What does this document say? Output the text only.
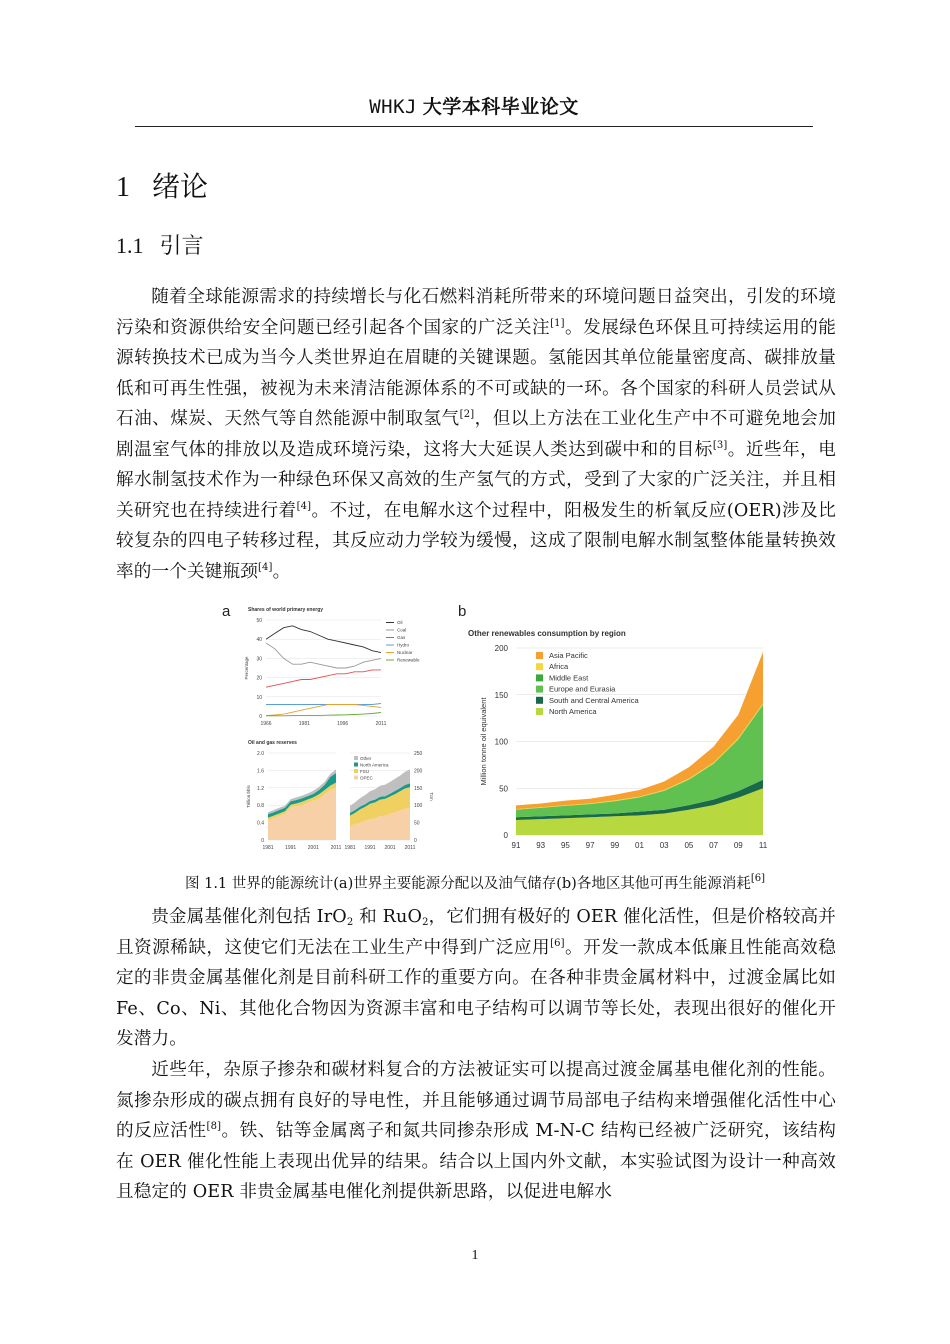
WHKJ 大学本科毕业论文
1 绪论
1.1 引言

随着全球能源需求的持续增长与化石燃料消耗所带来的环境问题日益突出，引发的环境污染和资源供给安全问题已经引起各个国家的广泛关注[1]。发展绿色环保且可持续运用的能源转换技术已成为当今人类世界迫在眉睫的关键课题。氢能因其单位能量密度高、碳排放量低和可再生性强，被视为未来清洁能源体系的不可或缺的一环。各个国家的科研人员尝试从石油、煤炭、天然气等自然能源中制取氢气[2]，但以上方法在工业化生产中不可避免地会加剧温室气体的排放以及造成环境污染，这将大大延误人类达到碳中和的目标[3]。近些年，电解水制氢技术作为一种绿色环保又高效的生产氢气的方式，受到了大家的广泛关注，并且相关研究也在持续进行着[4]。不过，在电解水这个过程中，阳极发生的析氧反应(OER)涉及比较复杂的四电子转移过程，其反应动力学较为缓慢，这成了限制电解水制氢整体能量转换效率的一个关键瓶颈[4]。

a	Shares of world primary energy
0
10
20
30
40
50
1966	1981	1996	2011
Percentage
Oil
Coal
Gas
Hydro
Nuclear
Renewable
Oil and gas reserves
0
0.4
0.8
1.2
1.6
2.0
1981 1991 2001 2011
Trillion bbls
0
50
100
150
200
250
1981 1991 2001 2011
Tcm
Other
North America
FSU
OPEC
b
Other renewables consumption by region
0
50
100
150
200
91 93 95 97 99 01 03 05 07 09 11
Million tonne oil equivalent
Asia Pacific
Africa
Middle East
Europe and Eurasia
South and Central America
North America
图 1.1 世界的能源统计(a)世界主要能源分配以及油气储存(b)各地区其他可再生能源消耗[6]

贵金属基催化剂包括 IrO$_2$ 和 RuO$_2$，它们拥有极好的 OER 催化活性，但是价格较高并且资源稀缺，这使它们无法在工业生产中得到广泛应用[6]。开发一款成本低廉且性能高效稳定的非贵金属基催化剂是目前科研工作的重要方向。在各种非贵金属材料中，过渡金属比如 Fe、Co、Ni、其他化合物因为资源丰富和电子结构可以调节等长处，表现出很好的催化开发潜力。

近些年，杂原子掺杂和碳材料复合的方法被证实可以提高过渡金属基电催化剂的性能。氮掺杂形成的碳点拥有良好的导电性，并且能够通过调节局部电子结构来增强催化活性中心的反应活性[8]。铁、钴等金属离子和氮共同掺杂形成 M-N-C 结构已经被广泛研究，该结构在 OER 催化性能上表现出优异的结果。结合以上国内外文献，本实验试图为设计一种高效且稳定的 OER 非贵金属基电催化剂提供新思路，以促进电解水

1
